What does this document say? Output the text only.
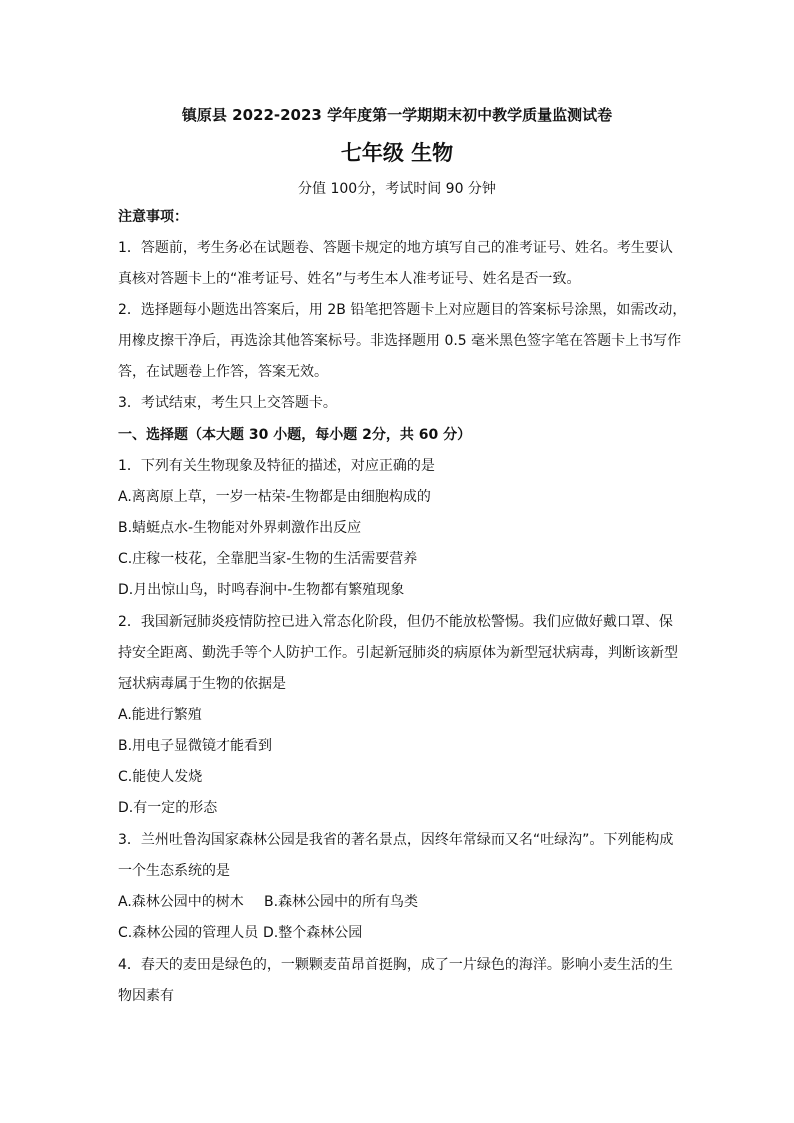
镇原县 2022-2023 学年度第一学期期末初中教学质量监测试卷
七年级 生物
分值 100分，考试时间 90 分钟
注意事项：
1．答题前，考生务必在试题卷、答题卡规定的地方填写自己的准考证号、姓名。考生要认
真核对答题卡上的“准考证号、姓名”与考生本人准考证号、姓名是否一致。
2．选择题每小题选出答案后，用 2B 铅笔把答题卡上对应题目的答案标号涂黑，如需改动，
用橡皮擦干净后，再选涂其他答案标号。非选择题用 0.5 毫米黑色签字笔在答题卡上书写作
答，在试题卷上作答，答案无效。
3．考试结束，考生只上交答题卡。
一、选择题（本大题 30 小题，每小题 2分，共 60 分）
1．下列有关生物现象及特征的描述，对应正确的是
A.离离原上草，一岁一枯荣-生物都是由细胞构成的
B.蜻蜓点水-生物能对外界刺激作出反应
C.庄稼一枝花，全靠肥当家-生物的生活需要营养
D.月出惊山鸟，时鸣春涧中-生物都有繁殖现象
2．我国新冠肺炎疫情防控已进入常态化阶段，但仍不能放松警惕。我们应做好戴口罩、保
持安全距离、勤洗手等个人防护工作。引起新冠肺炎的病原体为新型冠状病毒，判断该新型
冠状病毒属于生物的依据是
A.能进行繁殖
B.用电子显微镜才能看到
C.能使人发烧
D.有一定的形态
3．兰州吐鲁沟国家森林公园是我省的著名景点，因终年常绿而又名“吐绿沟”。下列能构成
一个生态系统的是
A.森林公园中的树木 B.森林公园中的所有鸟类
C.森林公园的管理人员 D.整个森林公园
4．春天的麦田是绿色的，一颗颗麦苗昂首挺胸，成了一片绿色的海洋。影响小麦生活的生
物因素有
